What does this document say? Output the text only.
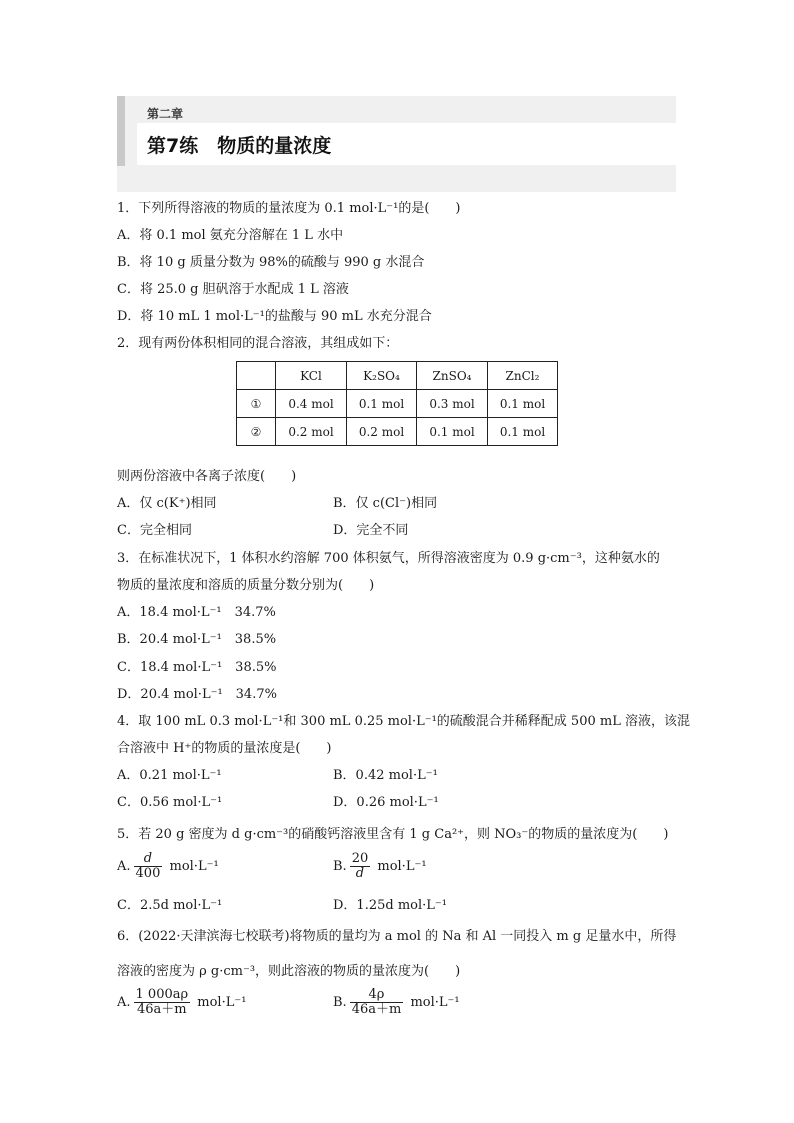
第二章
第7练　物质的量浓度
1．下列所得溶液的物质的量浓度为 0.1 mol·L⁻¹的是(　　)
A．将 0.1 mol 氨充分溶解在 1 L 水中
B．将 10 g 质量分数为 98%的硫酸与 990 g 水混合
C．将 25.0 g 胆矾溶于水配成 1 L 溶液
D．将 10 mL 1 mol·L⁻¹的盐酸与 90 mL 水充分混合
2．现有两份体积相同的混合溶液，其组成如下：
	KCl	K₂SO₄	ZnSO₄	ZnCl₂
①	0.4 mol	0.1 mol	0.3 mol	0.1 mol
②	0.2 mol	0.2 mol	0.1 mol	0.1 mol
则两份溶液中各离子浓度(　　)
A．仅 c(K⁺)相同	B．仅 c(Cl⁻)相同
C．完全相同	D．完全不同
3．在标准状况下，1 体积水约溶解 700 体积氨气，所得溶液密度为 0.9 g·cm⁻³，这种氨水的
物质的量浓度和溶质的质量分数分别为(　　)
A．18.4 mol·L⁻¹　34.7%
B．20.4 mol·L⁻¹　38.5%
C．18.4 mol·L⁻¹　38.5%
D．20.4 mol·L⁻¹　34.7%
4．取 100 mL 0.3 mol·L⁻¹和 300 mL 0.25 mol·L⁻¹的硫酸混合并稀释配成 500 mL 溶液，该混
合溶液中 H⁺的物质的量浓度是(　　)
A．0.21 mol·L⁻¹	B．0.42 mol·L⁻¹
C．0.56 mol·L⁻¹	D．0.26 mol·L⁻¹
5．若 20 g 密度为 d g·cm⁻³的硝酸钙溶液里含有 1 g Ca²⁺，则 NO₃⁻的物质的量浓度为(　　)
A. $\frac{d}{400} mol\cdot L^{-1}$	B. $\frac{20}{d} mol\cdot L^{-1}$
C．2.5d mol·L⁻¹	D．1.25d mol·L⁻¹
6．(2022·天津滨海七校联考)将物质的量均为 a mol 的 Na 和 Al 一同投入 m g 足量水中，所得
溶液的密度为 ρ g·cm⁻³，则此溶液的物质的量浓度为(　　)
A. $\frac{1 000a\rho}{46a+m} mol\cdot L^{-1}$	B. $\frac{4\rho}{46a+m} mol\cdot L^{-1}$
